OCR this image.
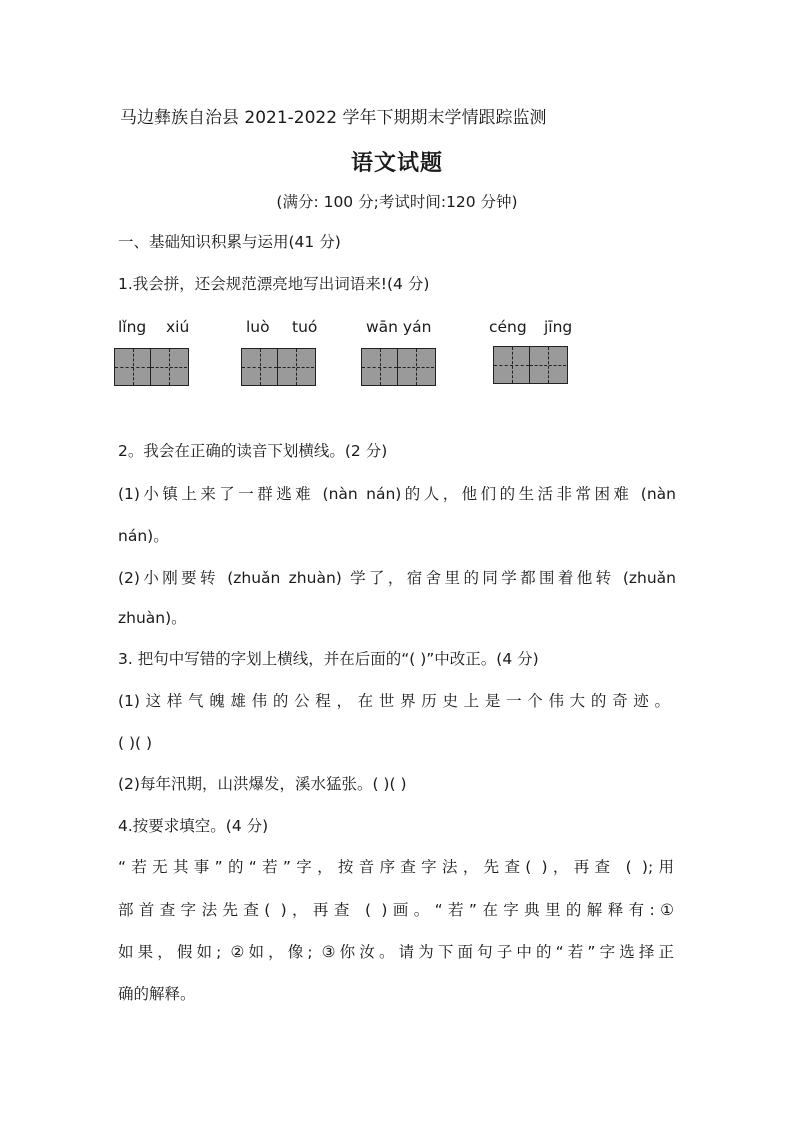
马边彝族自治县 2021-2022 学年下期期末学情跟踪监测
语文试题
(满分: 100 分;考试时间:120 分钟)
一、基础知识积累与运用(41 分)
1.我会拼，还会规范漂亮地写出词语来!(4 分)
lǐng xiú	luò tuó	wān yán	céng jīng
2。我会在正确的读音下划横线。(2 分)
(1)小镇上来了一群逃难 (nàn nán)的人，他们的生活非常困难 (nàn
nán)。
(2)小刚要转 (zhuǎn zhuàn) 学了，宿舍里的同学都围着他转 (zhuǎn
zhuàn)。
3. 把句中写错的字划上横线，并在后面的“( )”中改正。(4 分)
(1)这样气魄雄伟的公程，在世界历史上是一个伟大的奇迹。
( )( )
(2)每年汛期，山洪爆发，溪水猛张。( )( )
4.按要求填空。(4 分)
“若无其事”的“若”字，按音序查字法，先查( )，再查 ( );用
部首查字法先查( )，再查 ( )画。“若”在字典里的解释有:①
如果，假如; ②如，像; ③你汝。请为下面句子中的“若”字选择正
确的解释。
